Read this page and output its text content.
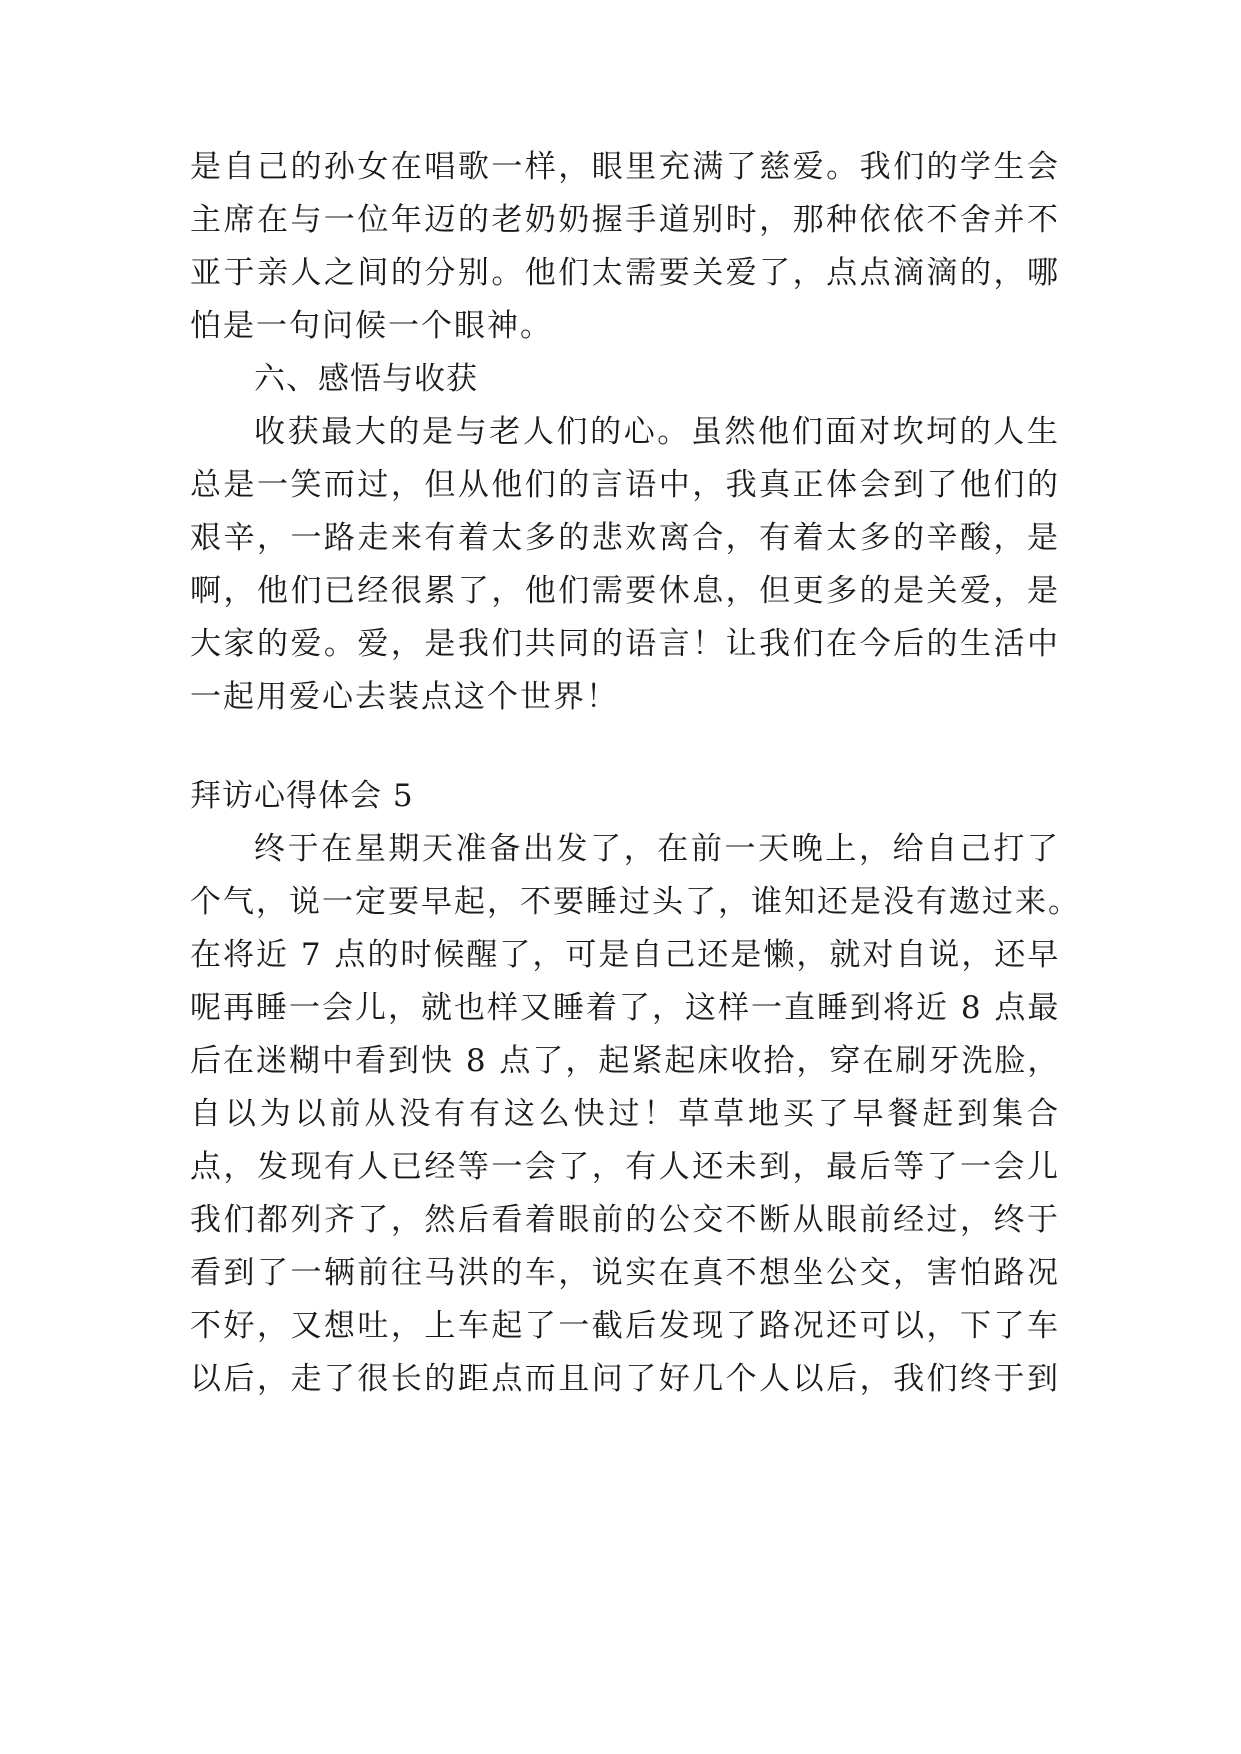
是自己的孙女在唱歌一样，眼里充满了慈爱。我们的学生会
主席在与一位年迈的老奶奶握手道别时，那种依依不舍并不
亚于亲人之间的分别。他们太需要关爱了，点点滴滴的，哪
怕是一句问候一个眼神。
六、感悟与收获
收获最大的是与老人们的心。虽然他们面对坎坷的人生
总是一笑而过，但从他们的言语中，我真正体会到了他们的
艰辛，一路走来有着太多的悲欢离合，有着太多的辛酸，是
啊，他们已经很累了，他们需要休息，但更多的是关爱，是
大家的爱。爱，是我们共同的语言！让我们在今后的生活中
一起用爱心去装点这个世界！
拜访心得体会 5
终于在星期天准备出发了，在前一天晚上，给自己打了
个气，说一定要早起，不要睡过头了，谁知还是没有遨过来。
在将近 7 点的时候醒了，可是自己还是懒，就对自说，还早
呢再睡一会儿，就也样又睡着了，这样一直睡到将近 8 点最
后在迷糊中看到快 8 点了，起紧起床收拾，穿在刷牙洗脸，
自以为以前从没有有这么快过！草草地买了早餐赶到集合
点，发现有人已经等一会了，有人还未到，最后等了一会儿
我们都列齐了，然后看着眼前的公交不断从眼前经过，终于
看到了一辆前往马洪的车，说实在真不想坐公交，害怕路况
不好，又想吐，上车起了一截后发现了路况还可以，下了车
以后，走了很长的距点而且问了好几个人以后，我们终于到
